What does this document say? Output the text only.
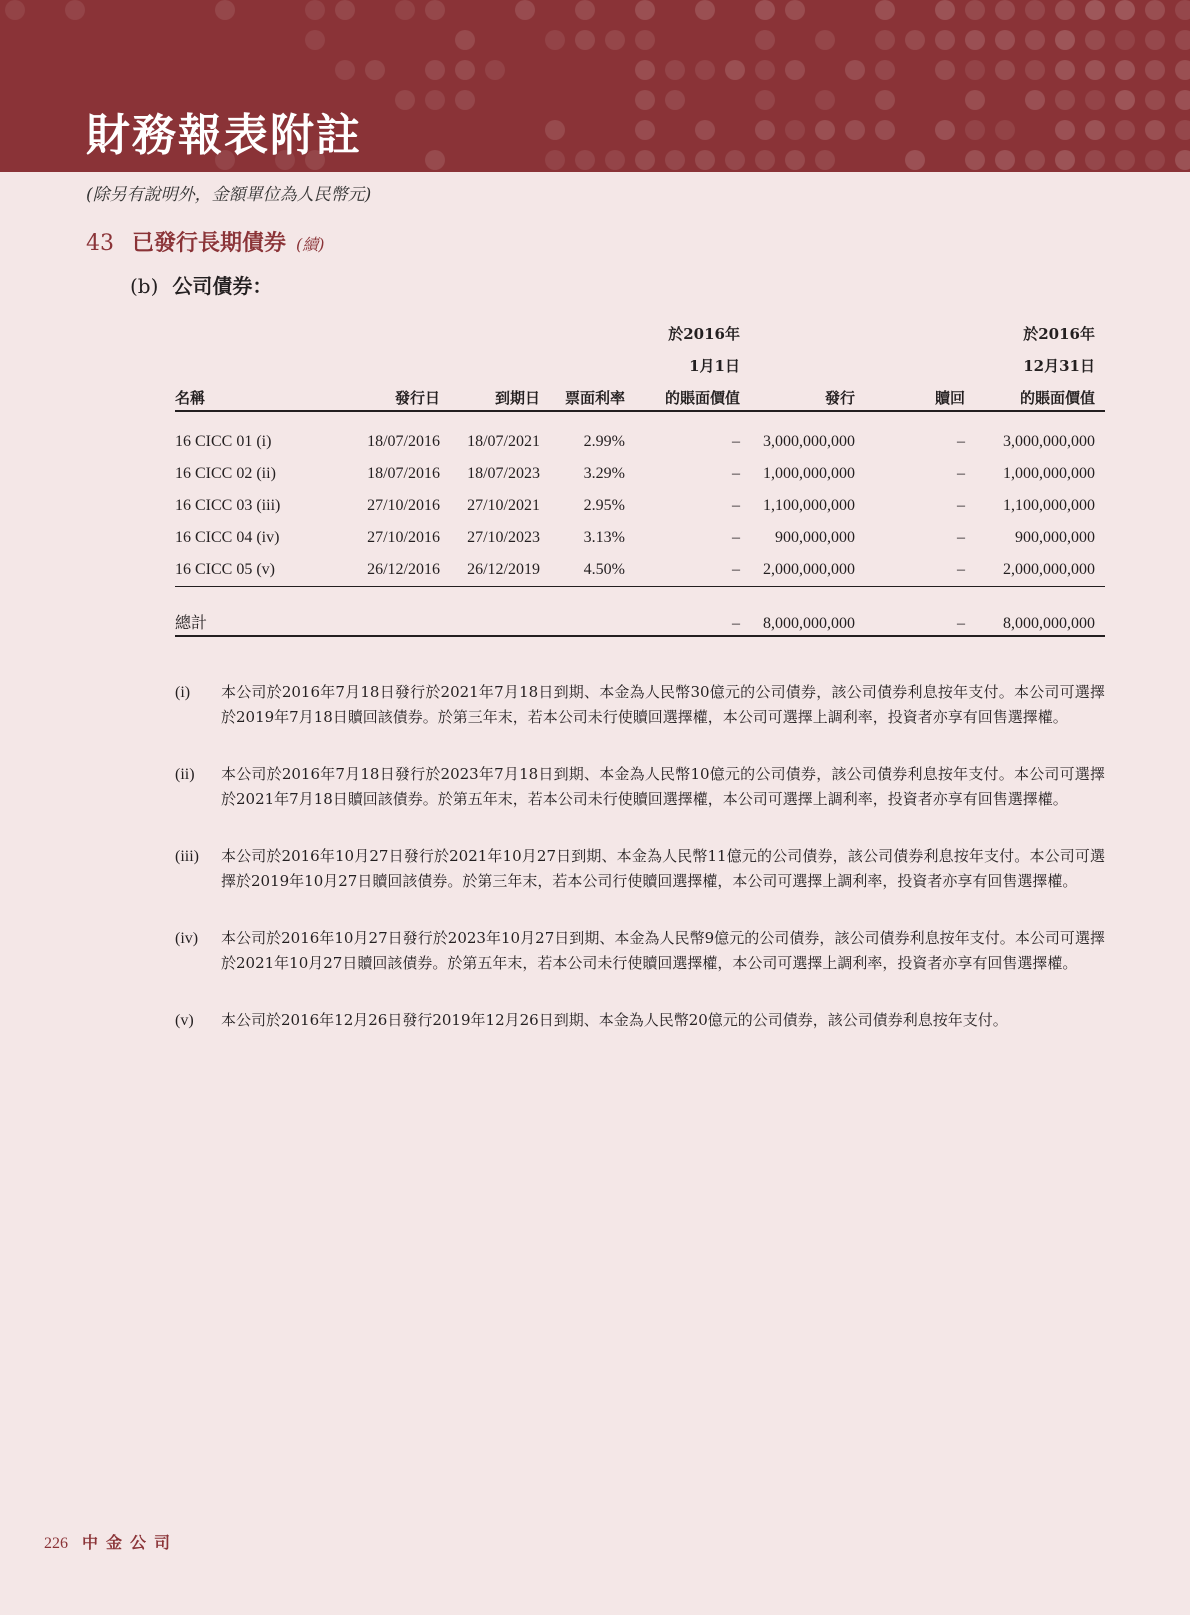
財務報表附註
(除另有說明外，金額單位為人民幣元)
43 已發行長期債券 (續)
(b) 公司債券：
				於2016年			於2016年
				1月1日			12月31日
名稱	發行日	到期日	票面利率	的賬面價值	發行	贖回	的賬面價值

16 CICC 01 (i)	18/07/2016	18/07/2021	2.99%	–	3,000,000,000	–	3,000,000,000
16 CICC 02 (ii)	18/07/2016	18/07/2023	3.29%	–	1,000,000,000	–	1,000,000,000
16 CICC 03 (iii)	27/10/2016	27/10/2021	2.95%	–	1,100,000,000	–	1,100,000,000
16 CICC 04 (iv)	27/10/2016	27/10/2023	3.13%	–	900,000,000	–	900,000,000
16 CICC 05 (v)	26/12/2016	26/12/2019	4.50%	–	2,000,000,000	–	2,000,000,000
總計				–	8,000,000,000	–	8,000,000,000
(i)	本公司於2016年7月18日發行於2021年7月18日到期、本金為人民幣30億元的公司債券，該公司債券利息按年支付。本公司可選擇於2019年7月18日贖回該債券。於第三年末，若本公司未行使贖回選擇權，本公司可選擇上調利率，投資者亦享有回售選擇權。
(ii)	本公司於2016年7月18日發行於2023年7月18日到期、本金為人民幣10億元的公司債券，該公司債券利息按年支付。本公司可選擇於2021年7月18日贖回該債券。於第五年末，若本公司未行使贖回選擇權，本公司可選擇上調利率，投資者亦享有回售選擇權。
(iii)	本公司於2016年10月27日發行於2021年10月27日到期、本金為人民幣11億元的公司債券，該公司債券利息按年支付。本公司可選擇於2019年10月27日贖回該債券。於第三年末，若本公司行使贖回選擇權，本公司可選擇上調利率，投資者亦享有回售選擇權。
(iv)	本公司於2016年10月27日發行於2023年10月27日到期、本金為人民幣9億元的公司債券，該公司債券利息按年支付。本公司可選擇於2021年10月27日贖回該債券。於第五年末，若本公司未行使贖回選擇權，本公司可選擇上調利率，投資者亦享有回售選擇權。
(v)	本公司於2016年12月26日發行2019年12月26日到期、本金為人民幣20億元的公司債券，該公司債券利息按年支付。
226 中金公司
